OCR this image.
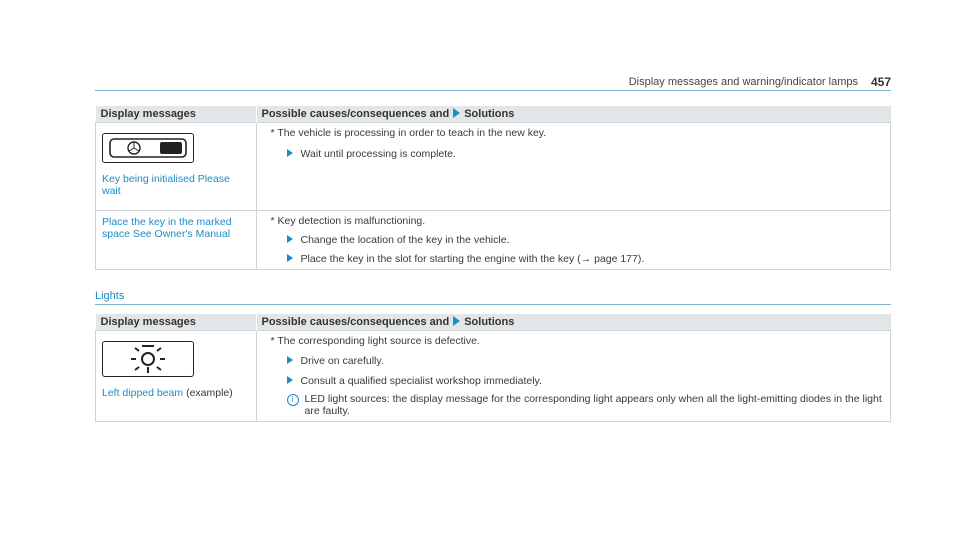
Display messages and warning/indicator lamps 457
Display messages	Possible causes/consequences and Solutions

Key being initialised Please wait	* The vehicle is processing in order to teach in the new key.
Wait until processing is complete.

Place the key in the marked space See Owner's Manual	* Key detection is malfunctioning.
Change the location of the key in the vehicle.
Place the key in the slot for starting the engine with the key (→ page 177).
Lights
Display messages	Possible causes/consequences and Solutions

Left dipped beam (example)	* The corresponding light source is defective.
Drive on carefully.
Consult a qualified specialist workshop immediately.
i LED light sources: the display message for the corresponding light appears only when all the light-emitting diodes in the light are faulty.
